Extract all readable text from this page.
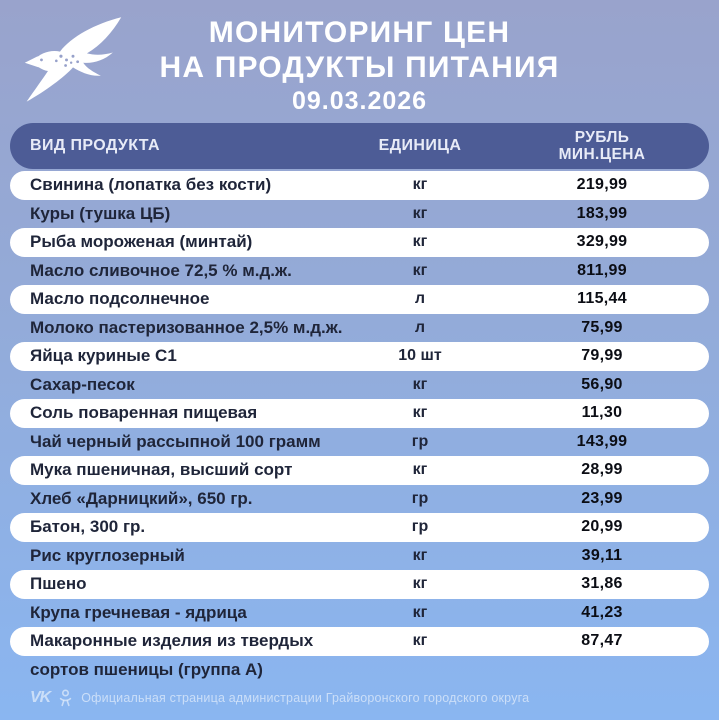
МОНИТОРИНГ ЦЕН
НА ПРОДУКТЫ ПИТАНИЯ
09.03.2026
ВИД ПРОДУКТА	ЕДИНИЦА	РУБЛЬ
МИН.ЦЕНА
Свинина (лопатка без кости)	кг	219,99
Куры (тушка ЦБ)	кг	183,99
Рыба мороженая (минтай)	кг	329,99
Масло сливочное 72,5 % м.д.ж.	кг	811,99
Масло подсолнечное	л	115,44
Молоко пастеризованное 2,5% м.д.ж.	л	75,99
Яйца куриные С1	10 шт	79,99
Сахар-песок	кг	56,90
Соль поваренная пищевая	кг	11,30
Чай черный рассыпной 100 грамм	гр	143,99
Мука пшеничная, высший сорт	кг	28,99
Хлеб «Дарницкий», 650 гр.	гр	23,99
Батон, 300 гр.	гр	20,99
Рис круглозерный	кг	39,11
Пшено	кг	31,86
Крупа гречневая - ядрица	кг	41,23
Макаронные изделия из твердых	кг	87,47
сортов пшеницы (группа А)
VK Официальная страница администрации Грайворонского городского округа
